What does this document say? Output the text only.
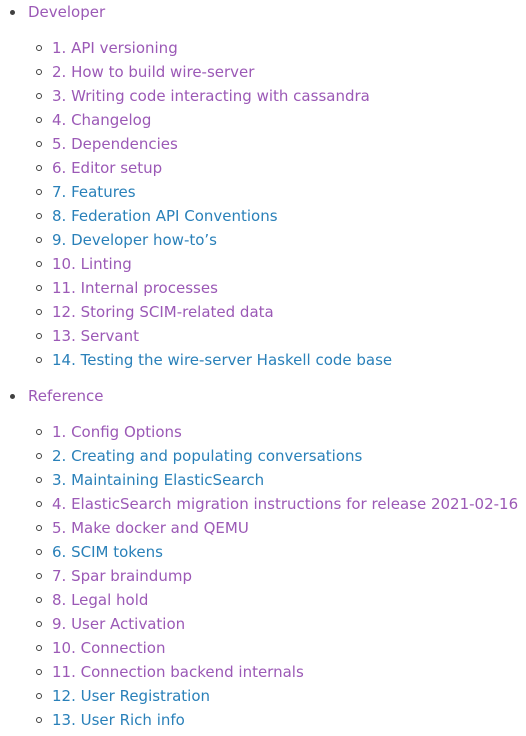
Developer
1. API versioning
2. How to build wire-server
3. Writing code interacting with cassandra
4. Changelog
5. Dependencies
6. Editor setup
7. Features
8. Federation API Conventions
9. Developer how-to’s
10. Linting
11. Internal processes
12. Storing SCIM-related data
13. Servant
14. Testing the wire-server Haskell code base
Reference
1. Config Options
2. Creating and populating conversations
3. Maintaining ElasticSearch
4. ElasticSearch migration instructions for release 2021-02-16
5. Make docker and QEMU
6. SCIM tokens
7. Spar braindump
8. Legal hold
9. User Activation
10. Connection
11. Connection backend internals
12. User Registration
13. User Rich info
